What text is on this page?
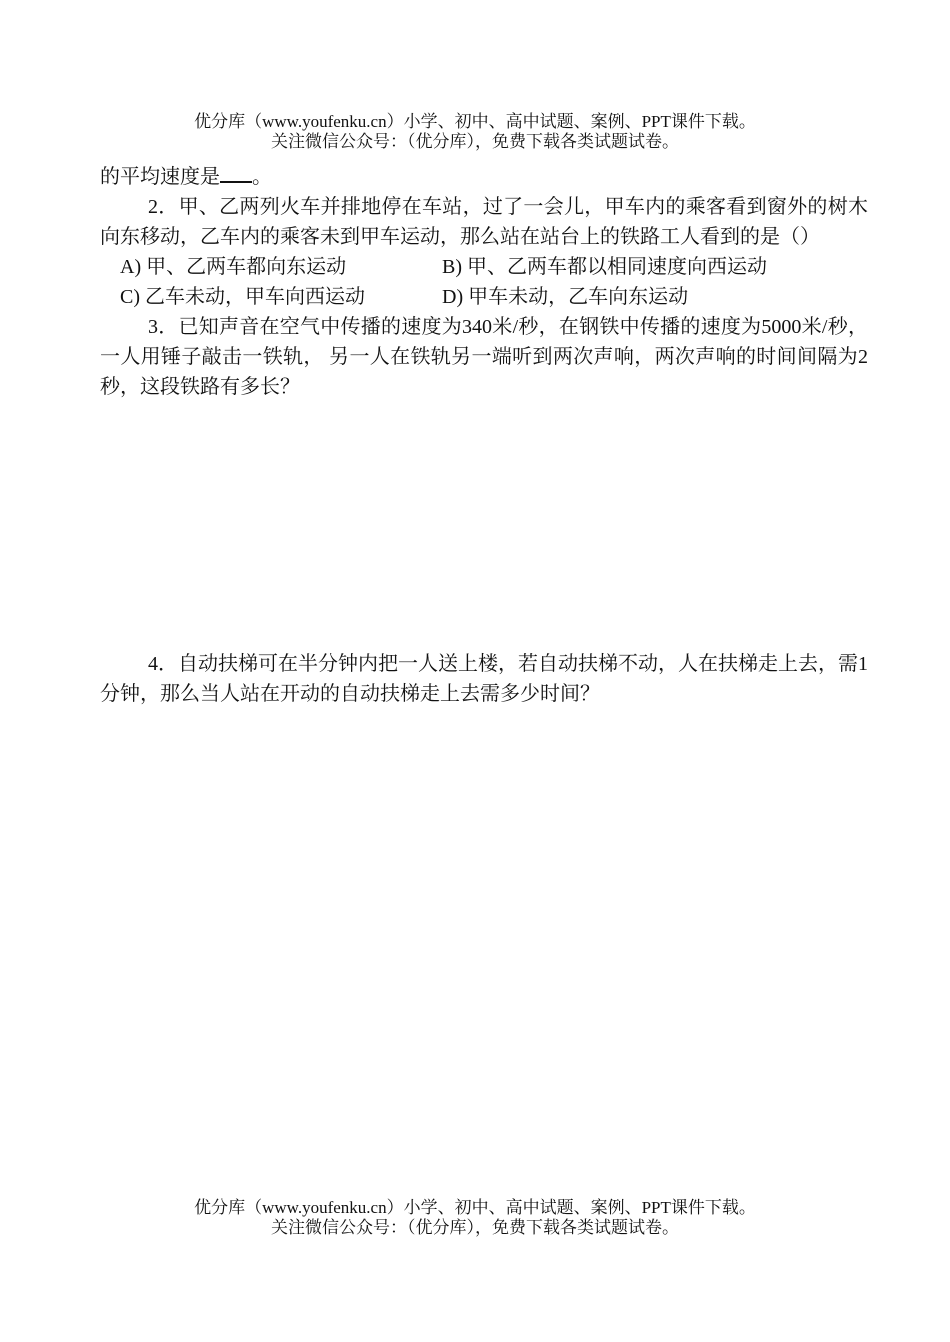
优分库（www.youfenku.cn）小学、初中、高中试题、案例、PPT课件下载。
关注微信公众号：（优分库），免费下载各类试题试卷。

的平均速度是 。

2．甲、乙两列火车并排地停在车站，过了一会儿，甲车内的乘客看到窗外的树木向东移动，乙车内的乘客未到甲车运动，那么站在站台上的铁路工人看到的是（）

A) 甲、乙两车都向东运动	B) 甲、乙两车都以相同速度向西运动
C) 乙车未动，甲车向西运动	D) 甲车未动，乙车向东运动

3．已知声音在空气中传播的速度为340米/秒，在钢铁中传播的速度为5000米/秒，一人用锤子敲击一铁轨， 另一人在铁轨另一端听到两次声响，两次声响的时间间隔为2秒，这段铁路有多长？

4．自动扶梯可在半分钟内把一人送上楼，若自动扶梯不动，人在扶梯走上去，需1分钟，那么当人站在开动的自动扶梯走上去需多少时间？

优分库（www.youfenku.cn）小学、初中、高中试题、案例、PPT课件下载。
关注微信公众号：（优分库），免费下载各类试题试卷。
